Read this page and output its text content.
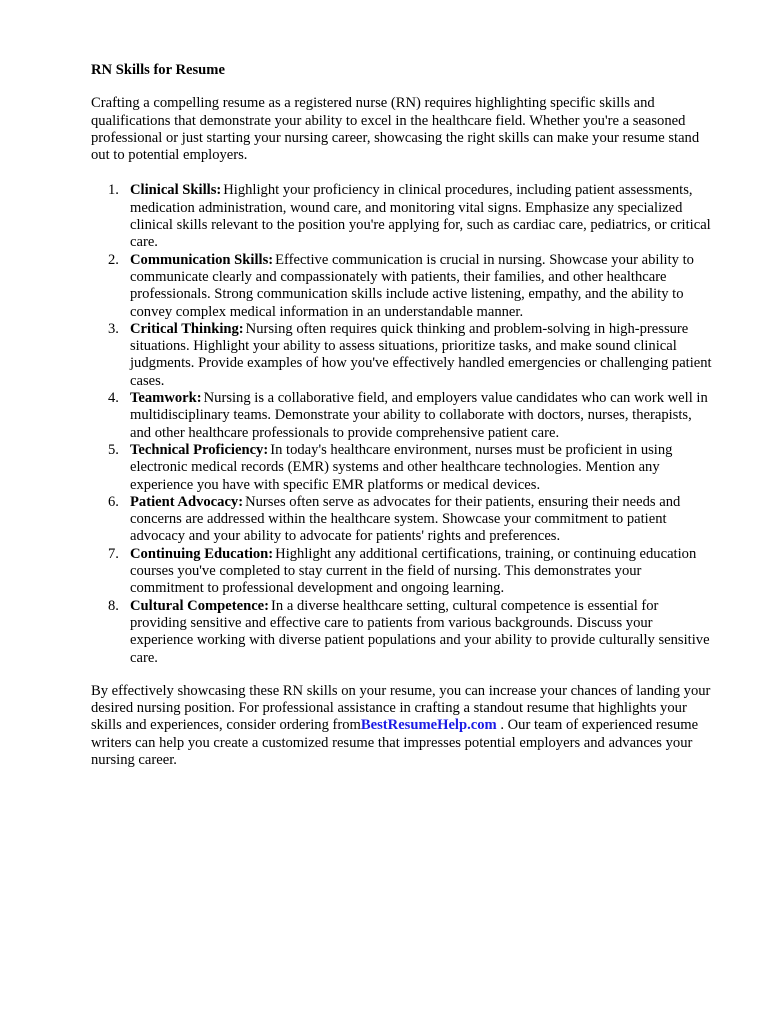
RN Skills for Resume

Crafting a compelling resume as a registered nurse (RN) requires highlighting specific skills and qualifications that demonstrate your ability to excel in the healthcare field. Whether you're a seasoned professional or just starting your nursing career, showcasing the right skills can make your resume stand out to potential employers.

1. Clinical Skills: Highlight your proficiency in clinical procedures, including patient assessments, medication administration, wound care, and monitoring vital signs. Emphasize any specialized clinical skills relevant to the position you're applying for, such as cardiac care, pediatrics, or critical care.
2. Communication Skills: Effective communication is crucial in nursing. Showcase your ability to communicate clearly and compassionately with patients, their families, and other healthcare professionals. Strong communication skills include active listening, empathy, and the ability to convey complex medical information in an understandable manner.
3. Critical Thinking: Nursing often requires quick thinking and problem-solving in high-pressure situations. Highlight your ability to assess situations, prioritize tasks, and make sound clinical judgments. Provide examples of how you've effectively handled emergencies or challenging patient cases.
4. Teamwork: Nursing is a collaborative field, and employers value candidates who can work well in multidisciplinary teams. Demonstrate your ability to collaborate with doctors, nurses, therapists, and other healthcare professionals to provide comprehensive patient care.
5. Technical Proficiency: In today's healthcare environment, nurses must be proficient in using electronic medical records (EMR) systems and other healthcare technologies. Mention any experience you have with specific EMR platforms or medical devices.
6. Patient Advocacy: Nurses often serve as advocates for their patients, ensuring their needs and concerns are addressed within the healthcare system. Showcase your commitment to patient advocacy and your ability to advocate for patients' rights and preferences.
7. Continuing Education: Highlight any additional certifications, training, or continuing education courses you've completed to stay current in the field of nursing. This demonstrates your commitment to professional development and ongoing learning.
8. Cultural Competence: In a diverse healthcare setting, cultural competence is essential for providing sensitive and effective care to patients from various backgrounds. Discuss your experience working with diverse patient populations and your ability to provide culturally sensitive care.

By effectively showcasing these RN skills on your resume, you can increase your chances of landing your desired nursing position. For professional assistance in crafting a standout resume that highlights your skills and experiences, consider ordering fromBestResumeHelp.com . Our team of experienced resume writers can help you create a customized resume that impresses potential employers and advances your nursing career.
